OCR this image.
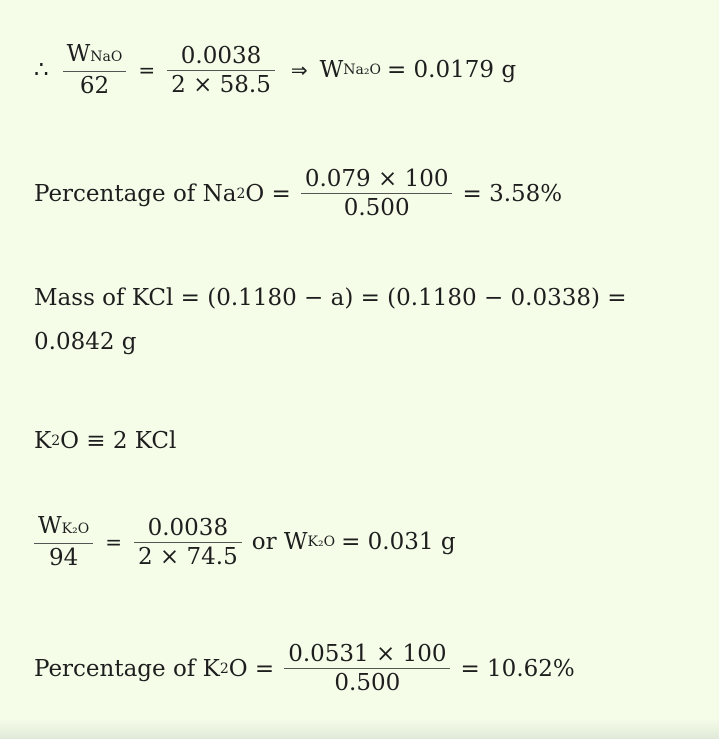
∴ $\frac{\text{WNaO}}{62} = \frac{0.0038}{2 \times 58.5}$ ⇒ W Na₂O = 0.0179 g
Percentage of Na 2 $O = \frac{0.079 \times 100}{0.500} = 3.58\%$
Mass of KCl = (0.1180 − a) = (0.1180 − 0.0338) = 0.0842 g
K 2 O ≡ 2 KCl
$\frac{\text{WK₂O}}{94} = \frac{0.0038}{2 \times 74.5}$ or W K₂O = 0.031 g
Percentage of K 2 $O = \frac{0.0531 \times 100}{0.500} = 10.62\%$
